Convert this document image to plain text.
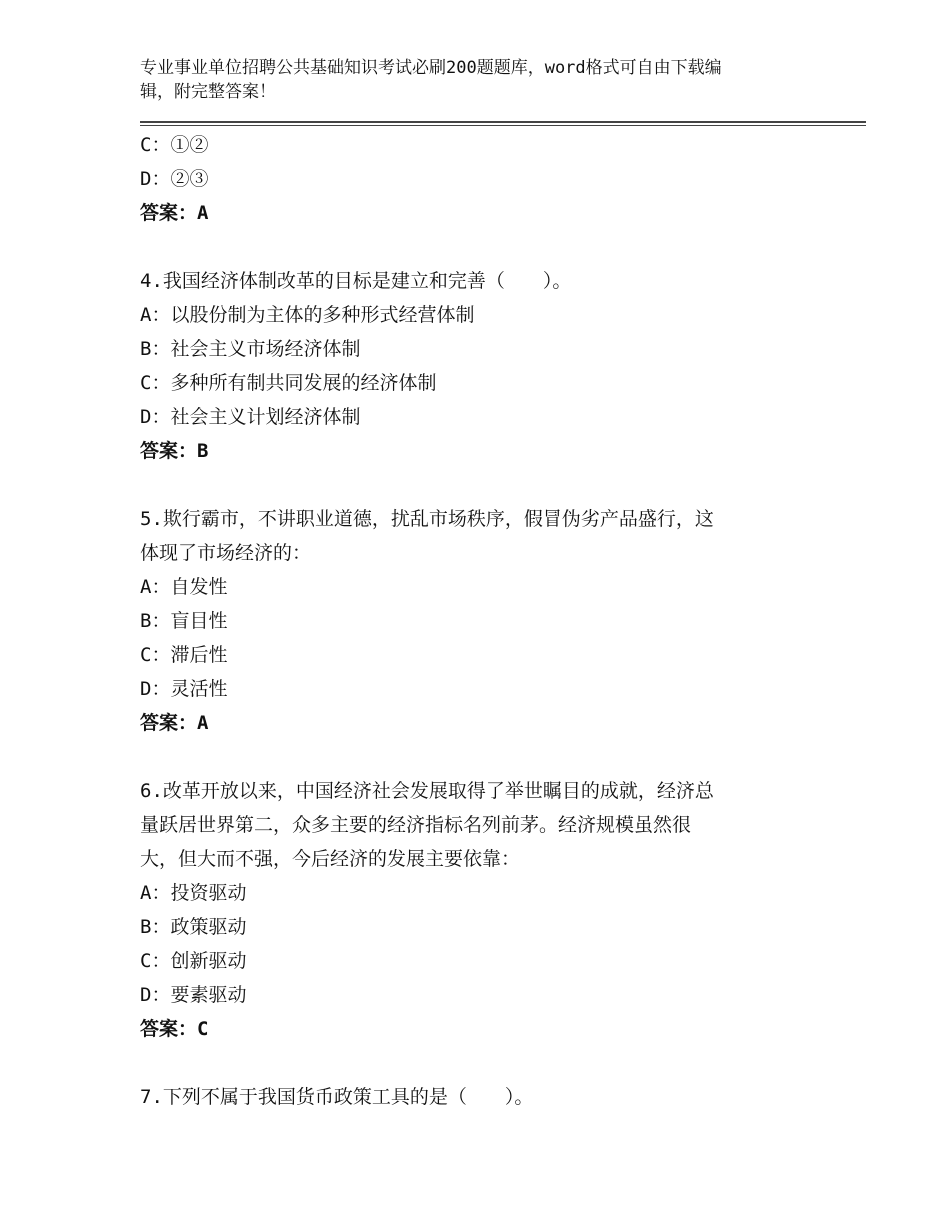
专业事业单位招聘公共基础知识考试必刷200题题库，word格式可自由下载编
辑，附完整答案！
C：①②
D：②③
答案：A
4.我国经济体制改革的目标是建立和完善（　　）。
A：以股份制为主体的多种形式经营体制
B：社会主义市场经济体制
C：多种所有制共同发展的经济体制
D：社会主义计划经济体制
答案：B
5.欺行霸市，不讲职业道德，扰乱市场秩序，假冒伪劣产品盛行，这
体现了市场经济的：
A：自发性
B：盲目性
C：滞后性
D：灵活性
答案：A
6.改革开放以来，中国经济社会发展取得了举世瞩目的成就，经济总
量跃居世界第二，众多主要的经济指标名列前茅。经济规模虽然很
大，但大而不强，今后经济的发展主要依靠：
A：投资驱动
B：政策驱动
C：创新驱动
D：要素驱动
答案：C
7.下列不属于我国货币政策工具的是（　　）。
